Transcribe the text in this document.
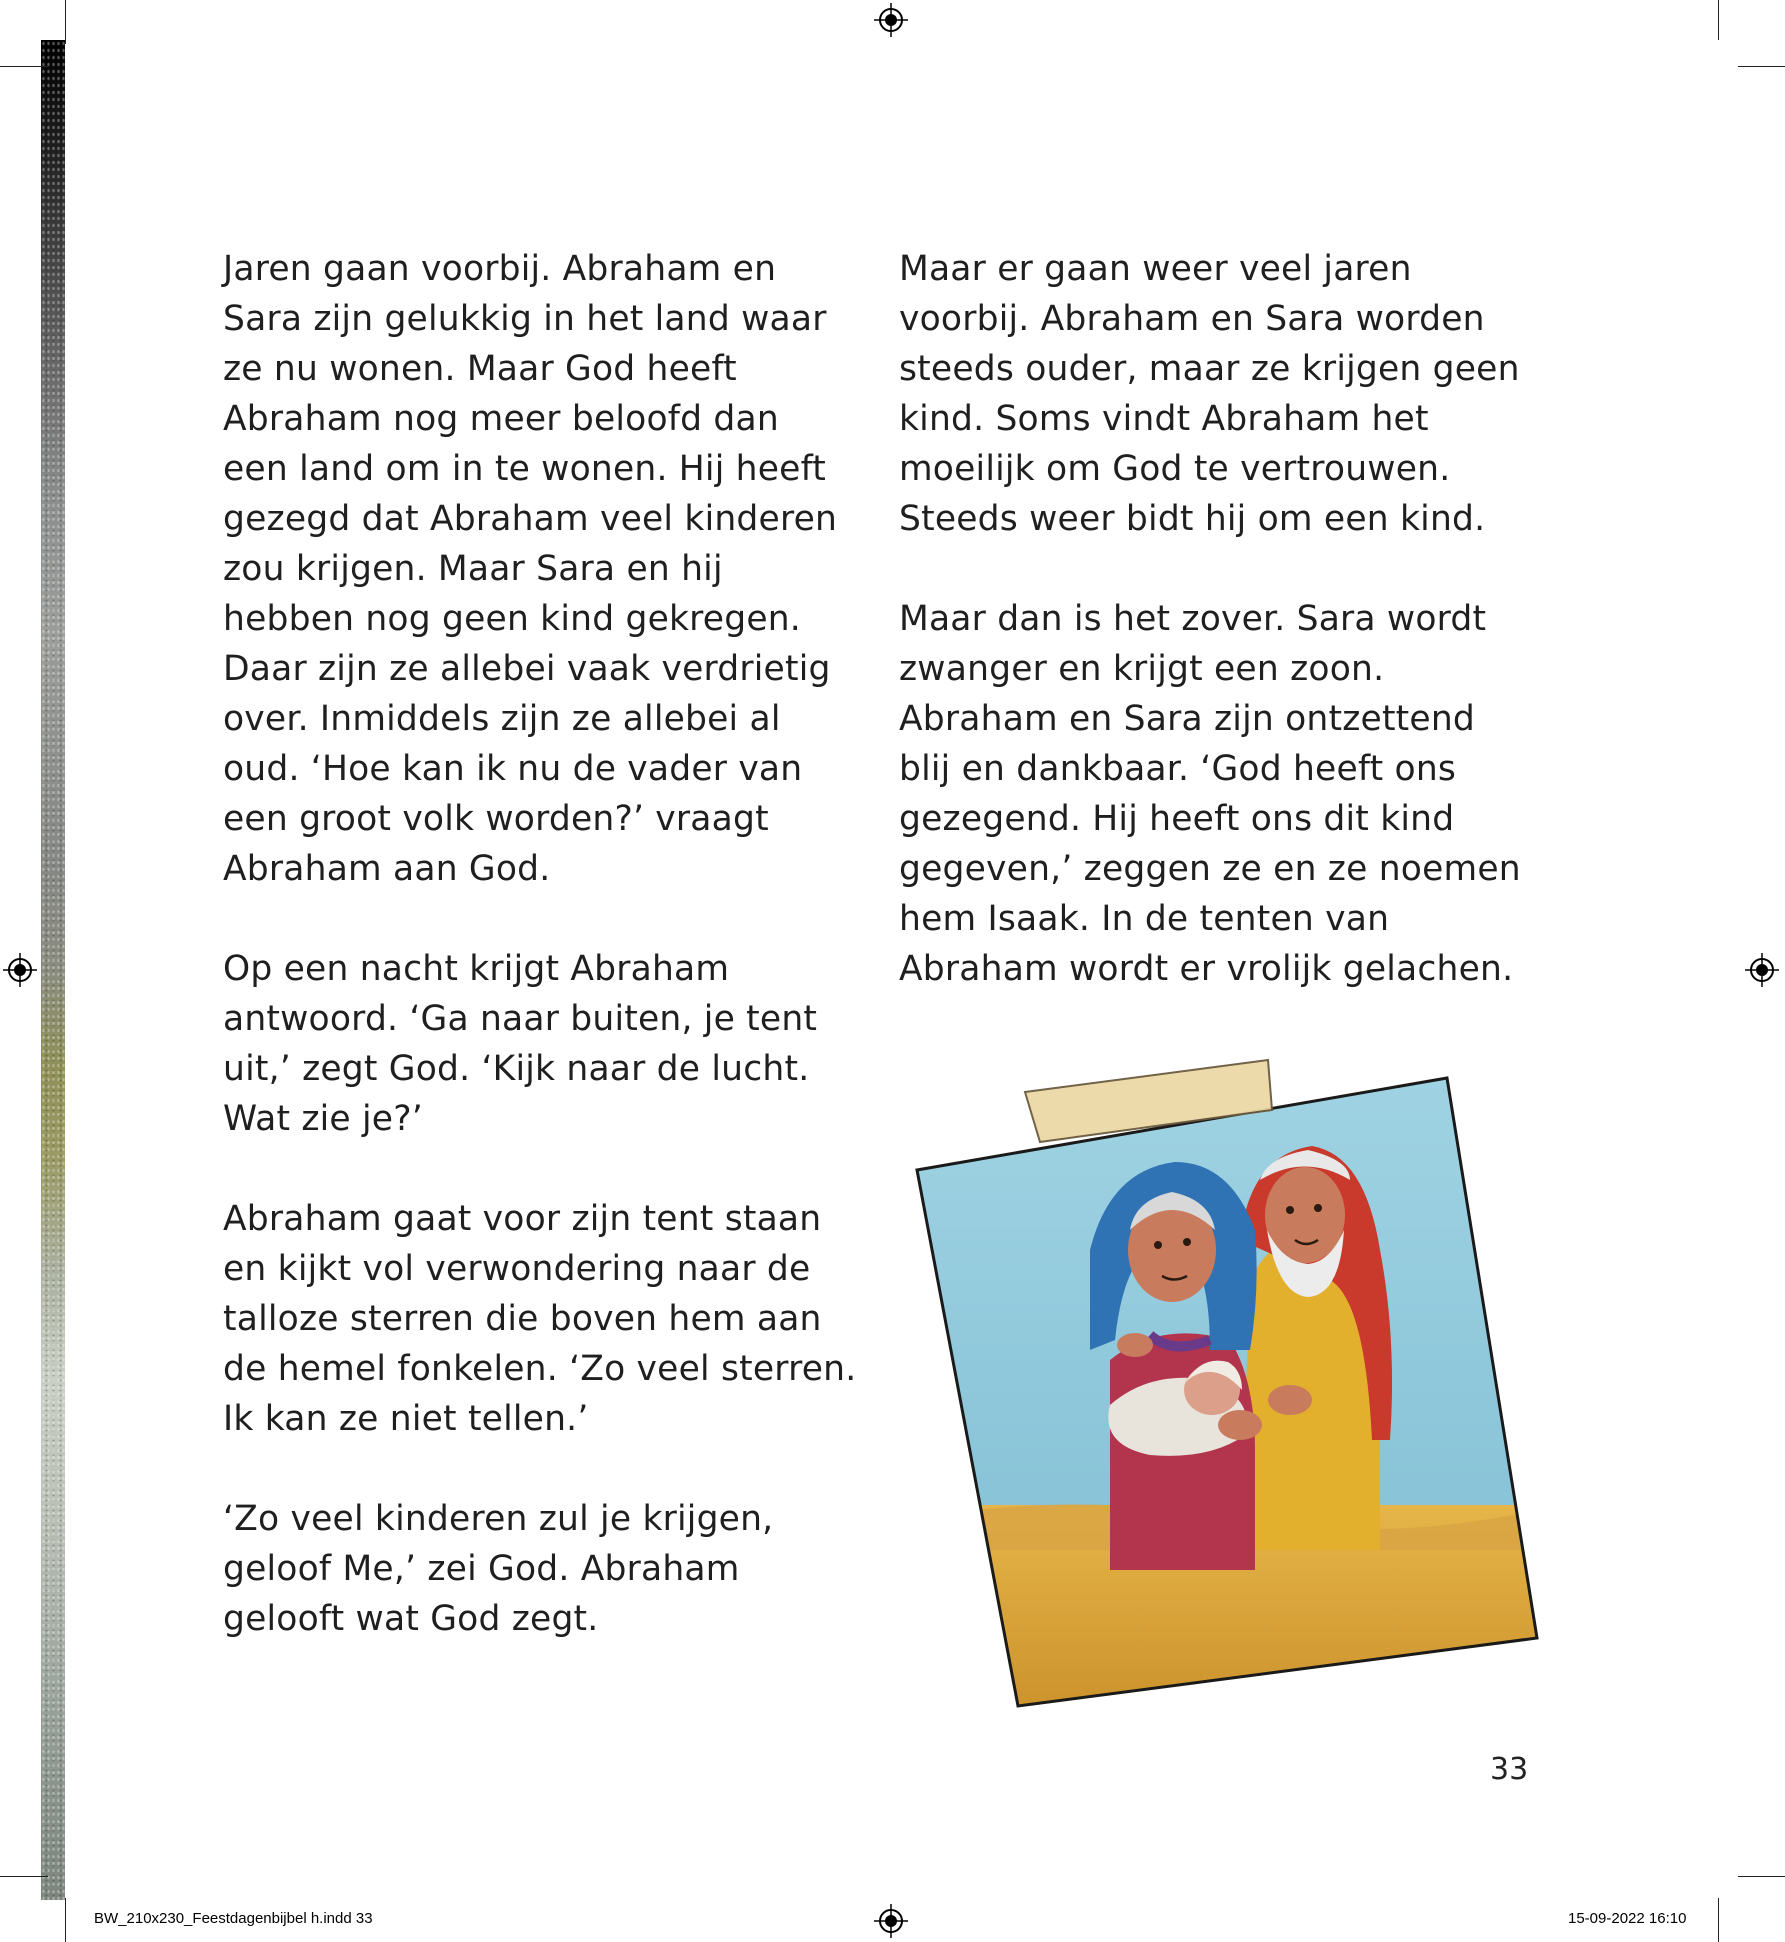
Jaren gaan voorbij. Abraham en
Sara zijn gelukkig in het land waar
ze nu wonen. Maar God heeft
Abraham nog meer beloofd dan
een land om in te wonen. Hij heeft
gezegd dat Abraham veel kinderen
zou krijgen. Maar Sara en hij
hebben nog geen kind gekregen.
Daar zijn ze allebei vaak verdrietig
over. Inmiddels zijn ze allebei al
oud. ‘Hoe kan ik nu de vader van
een groot volk worden?’ vraagt
Abraham aan God.

Op een nacht krijgt Abraham
antwoord. ‘Ga naar buiten, je tent
uit,’ zegt God. ‘Kijk naar de lucht.
Wat zie je?’

Abraham gaat voor zijn tent staan
en kijkt vol verwondering naar de
talloze sterren die boven hem aan
de hemel fonkelen. ‘Zo veel sterren.
Ik kan ze niet tellen.’

‘Zo veel kinderen zul je krijgen,
geloof Me,’ zei God. Abraham
gelooft wat God zegt.

Maar er gaan weer veel jaren
voorbij. Abraham en Sara worden
steeds ouder, maar ze krijgen geen
kind. Soms vindt Abraham het
moeilijk om God te vertrouwen.
Steeds weer bidt hij om een kind.

Maar dan is het zover. Sara wordt
zwanger en krijgt een zoon.
Abraham en Sara zijn ontzettend
blij en dankbaar. ‘God heeft ons
gezegend. Hij heeft ons dit kind
gegeven,’ zeggen ze en ze noemen
hem Isaak. In de tenten van
Abraham wordt er vrolijk gelachen.

33
BW_210x230_Feestdagenbijbel h.indd 33	15-09-2022 16:10
